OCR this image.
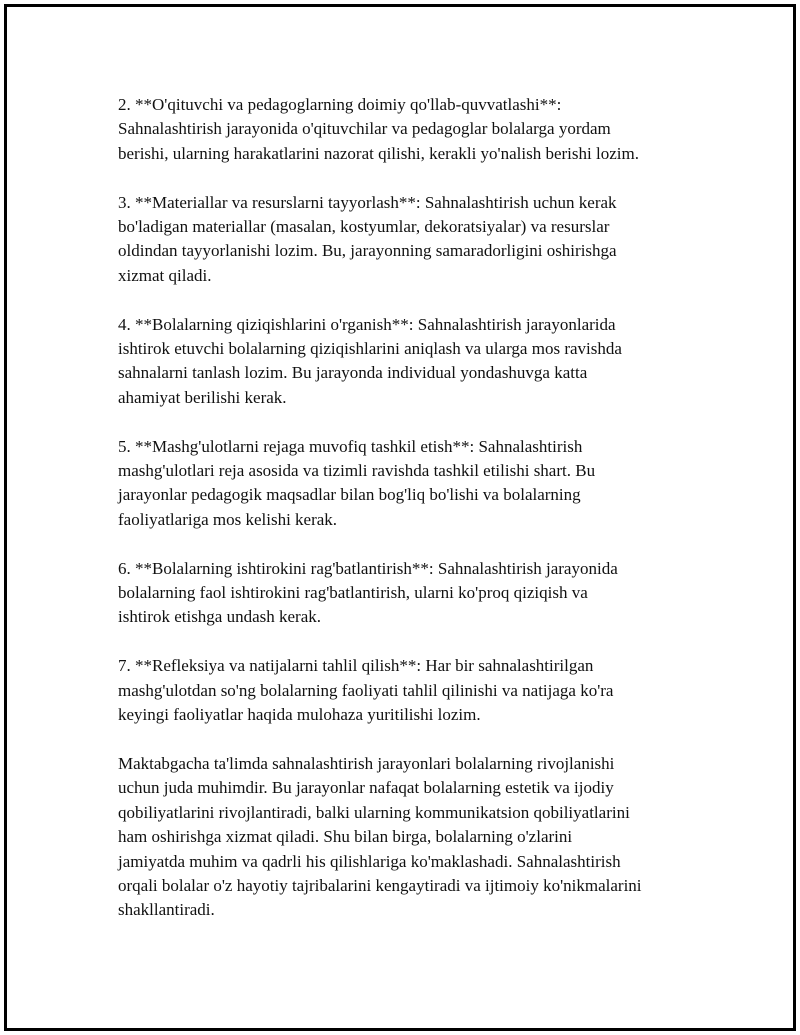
2. **O'qituvchi va pedagoglarning doimiy qo'llab-quvvatlashi**:
Sahnalashtirish jarayonida o'qituvchilar va pedagoglar bolalarga yordam
berishi, ularning harakatlarini nazorat qilishi, kerakli yo'nalish berishi lozim.

3. **Materiallar va resurslarni tayyorlash**: Sahnalashtirish uchun kerak
bo'ladigan materiallar (masalan, kostyumlar, dekoratsiyalar) va resurslar
oldindan tayyorlanishi lozim. Bu, jarayonning samaradorligini oshirishga
xizmat qiladi.

4. **Bolalarning qiziqishlarini o'rganish**: Sahnalashtirish jarayonlarida
ishtirok etuvchi bolalarning qiziqishlarini aniqlash va ularga mos ravishda
sahnalarni tanlash lozim. Bu jarayonda individual yondashuvga katta
ahamiyat berilishi kerak.

5. **Mashg'ulotlarni rejaga muvofiq tashkil etish**: Sahnalashtirish
mashg'ulotlari reja asosida va tizimli ravishda tashkil etilishi shart. Bu
jarayonlar pedagogik maqsadlar bilan bog'liq bo'lishi va bolalarning
faoliyatlariga mos kelishi kerak.

6. **Bolalarning ishtirokini rag'batlantirish**: Sahnalashtirish jarayonida
bolalarning faol ishtirokini rag'batlantirish, ularni ko'proq qiziqish va
ishtirok etishga undash kerak.

7. **Refleksiya va natijalarni tahlil qilish**: Har bir sahnalashtirilgan
mashg'ulotdan so'ng bolalarning faoliyati tahlil qilinishi va natijaga ko'ra
keyingi faoliyatlar haqida mulohaza yuritilishi lozim.

Maktabgacha ta'limda sahnalashtirish jarayonlari bolalarning rivojlanishi
uchun juda muhimdir. Bu jarayonlar nafaqat bolalarning estetik va ijodiy
qobiliyatlarini rivojlantiradi, balki ularning kommunikatsion qobiliyatlarini
ham oshirishga xizmat qiladi. Shu bilan birga, bolalarning o'zlarini
jamiyatda muhim va qadrli his qilishlariga ko'maklashadi. Sahnalashtirish
orqali bolalar o'z hayotiy tajribalarini kengaytiradi va ijtimoiy ko'nikmalarini
shakllantiradi.
